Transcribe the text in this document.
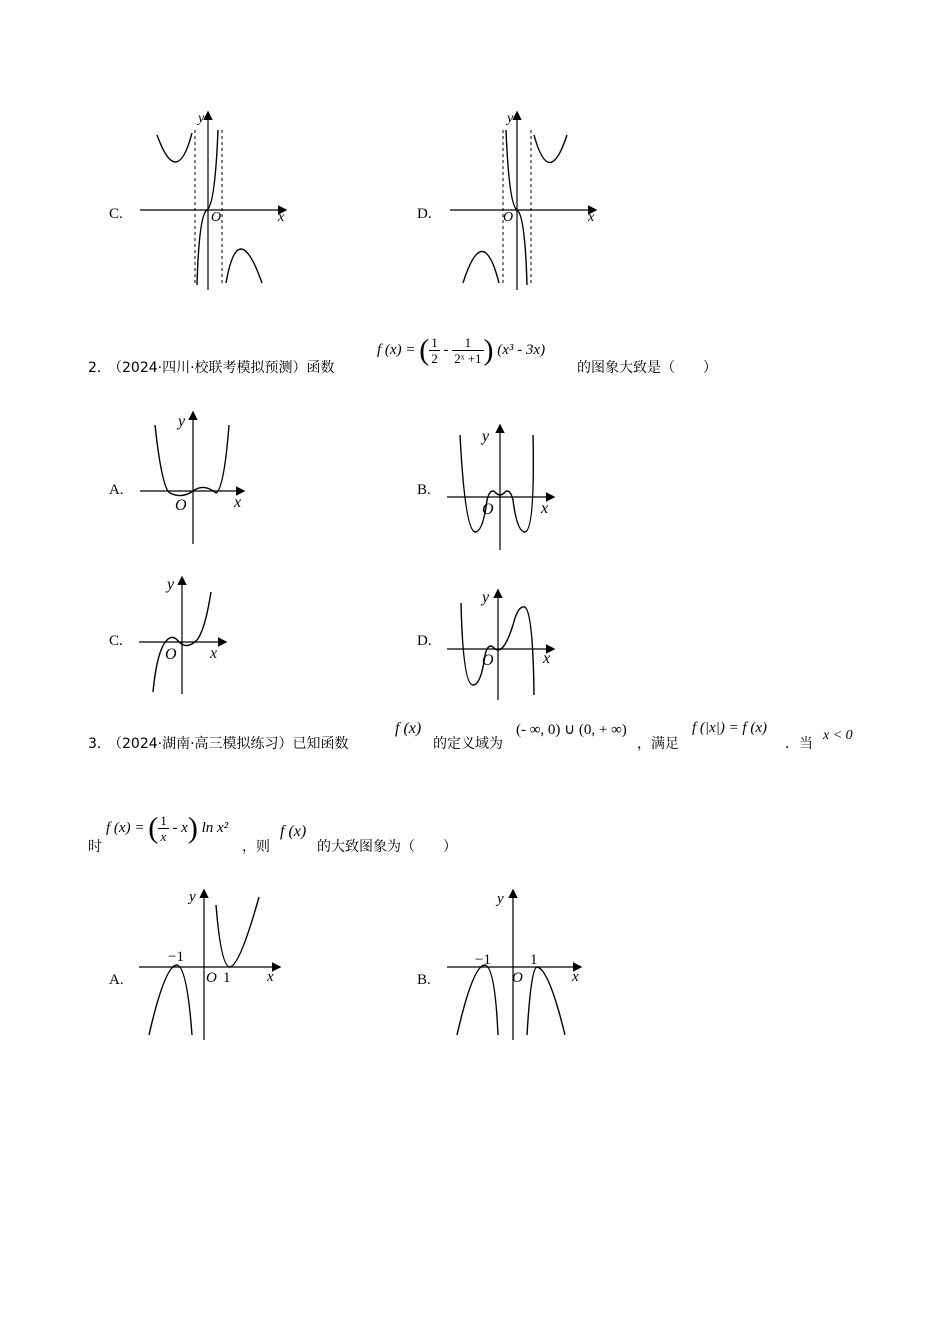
C.
y
x
O	D.
y
x
O
2．
（2024·四川·校联考模拟预测）函数
f (x) = ( $\frac{1}{2} - \frac{1}{\text{2ˣ +1}}$ ) (x³ - 3x)
的图象大致是（　　）
A.
y
x
O
B.
y
x
O
C.
y
x
O
D.
y
x
O
3．
（2024·湖南·高三模拟练习）已知函数
f (x)
的定义域为
(- ∞, 0) ∪ (0, + ∞)
，满足
f (|x|) = f (x)
．当
x < 0
时
f (x) = ( $\frac{1}{x} - x$) ln x²
，则
f (x)
的大致图象为（　　）
A.
y
x
O
−1
1	B.
y
x
O
−1	1
